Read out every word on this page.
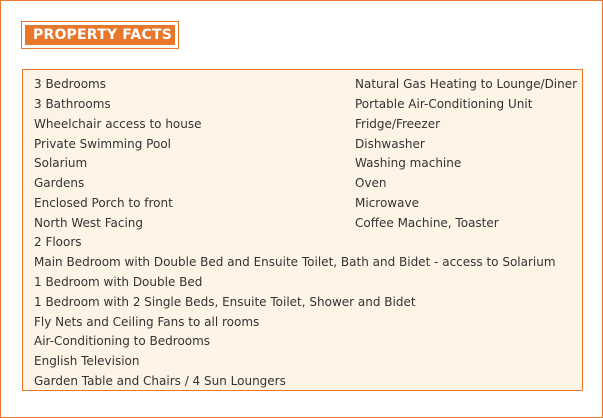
PROPERTY FACTS
3 Bedrooms
3 Bathrooms
Wheelchair access to house
Private Swimming Pool
Solarium
Gardens
Enclosed Porch to front
North West Facing
2 Floors
Main Bedroom with Double Bed and Ensuite Toilet, Bath and Bidet - access to Solarium
1 Bedroom with Double Bed
1 Bedroom with 2 Single Beds, Ensuite Toilet, Shower and Bidet
Fly Nets and Ceiling Fans to all rooms
Air-Conditioning to Bedrooms
English Television
Garden Table and Chairs / 4 Sun Loungers
Natural Gas Heating to Lounge/Diner
Portable Air-Conditioning Unit
Fridge/Freezer
Dishwasher
Washing machine
Oven
Microwave
Coffee Machine, Toaster
